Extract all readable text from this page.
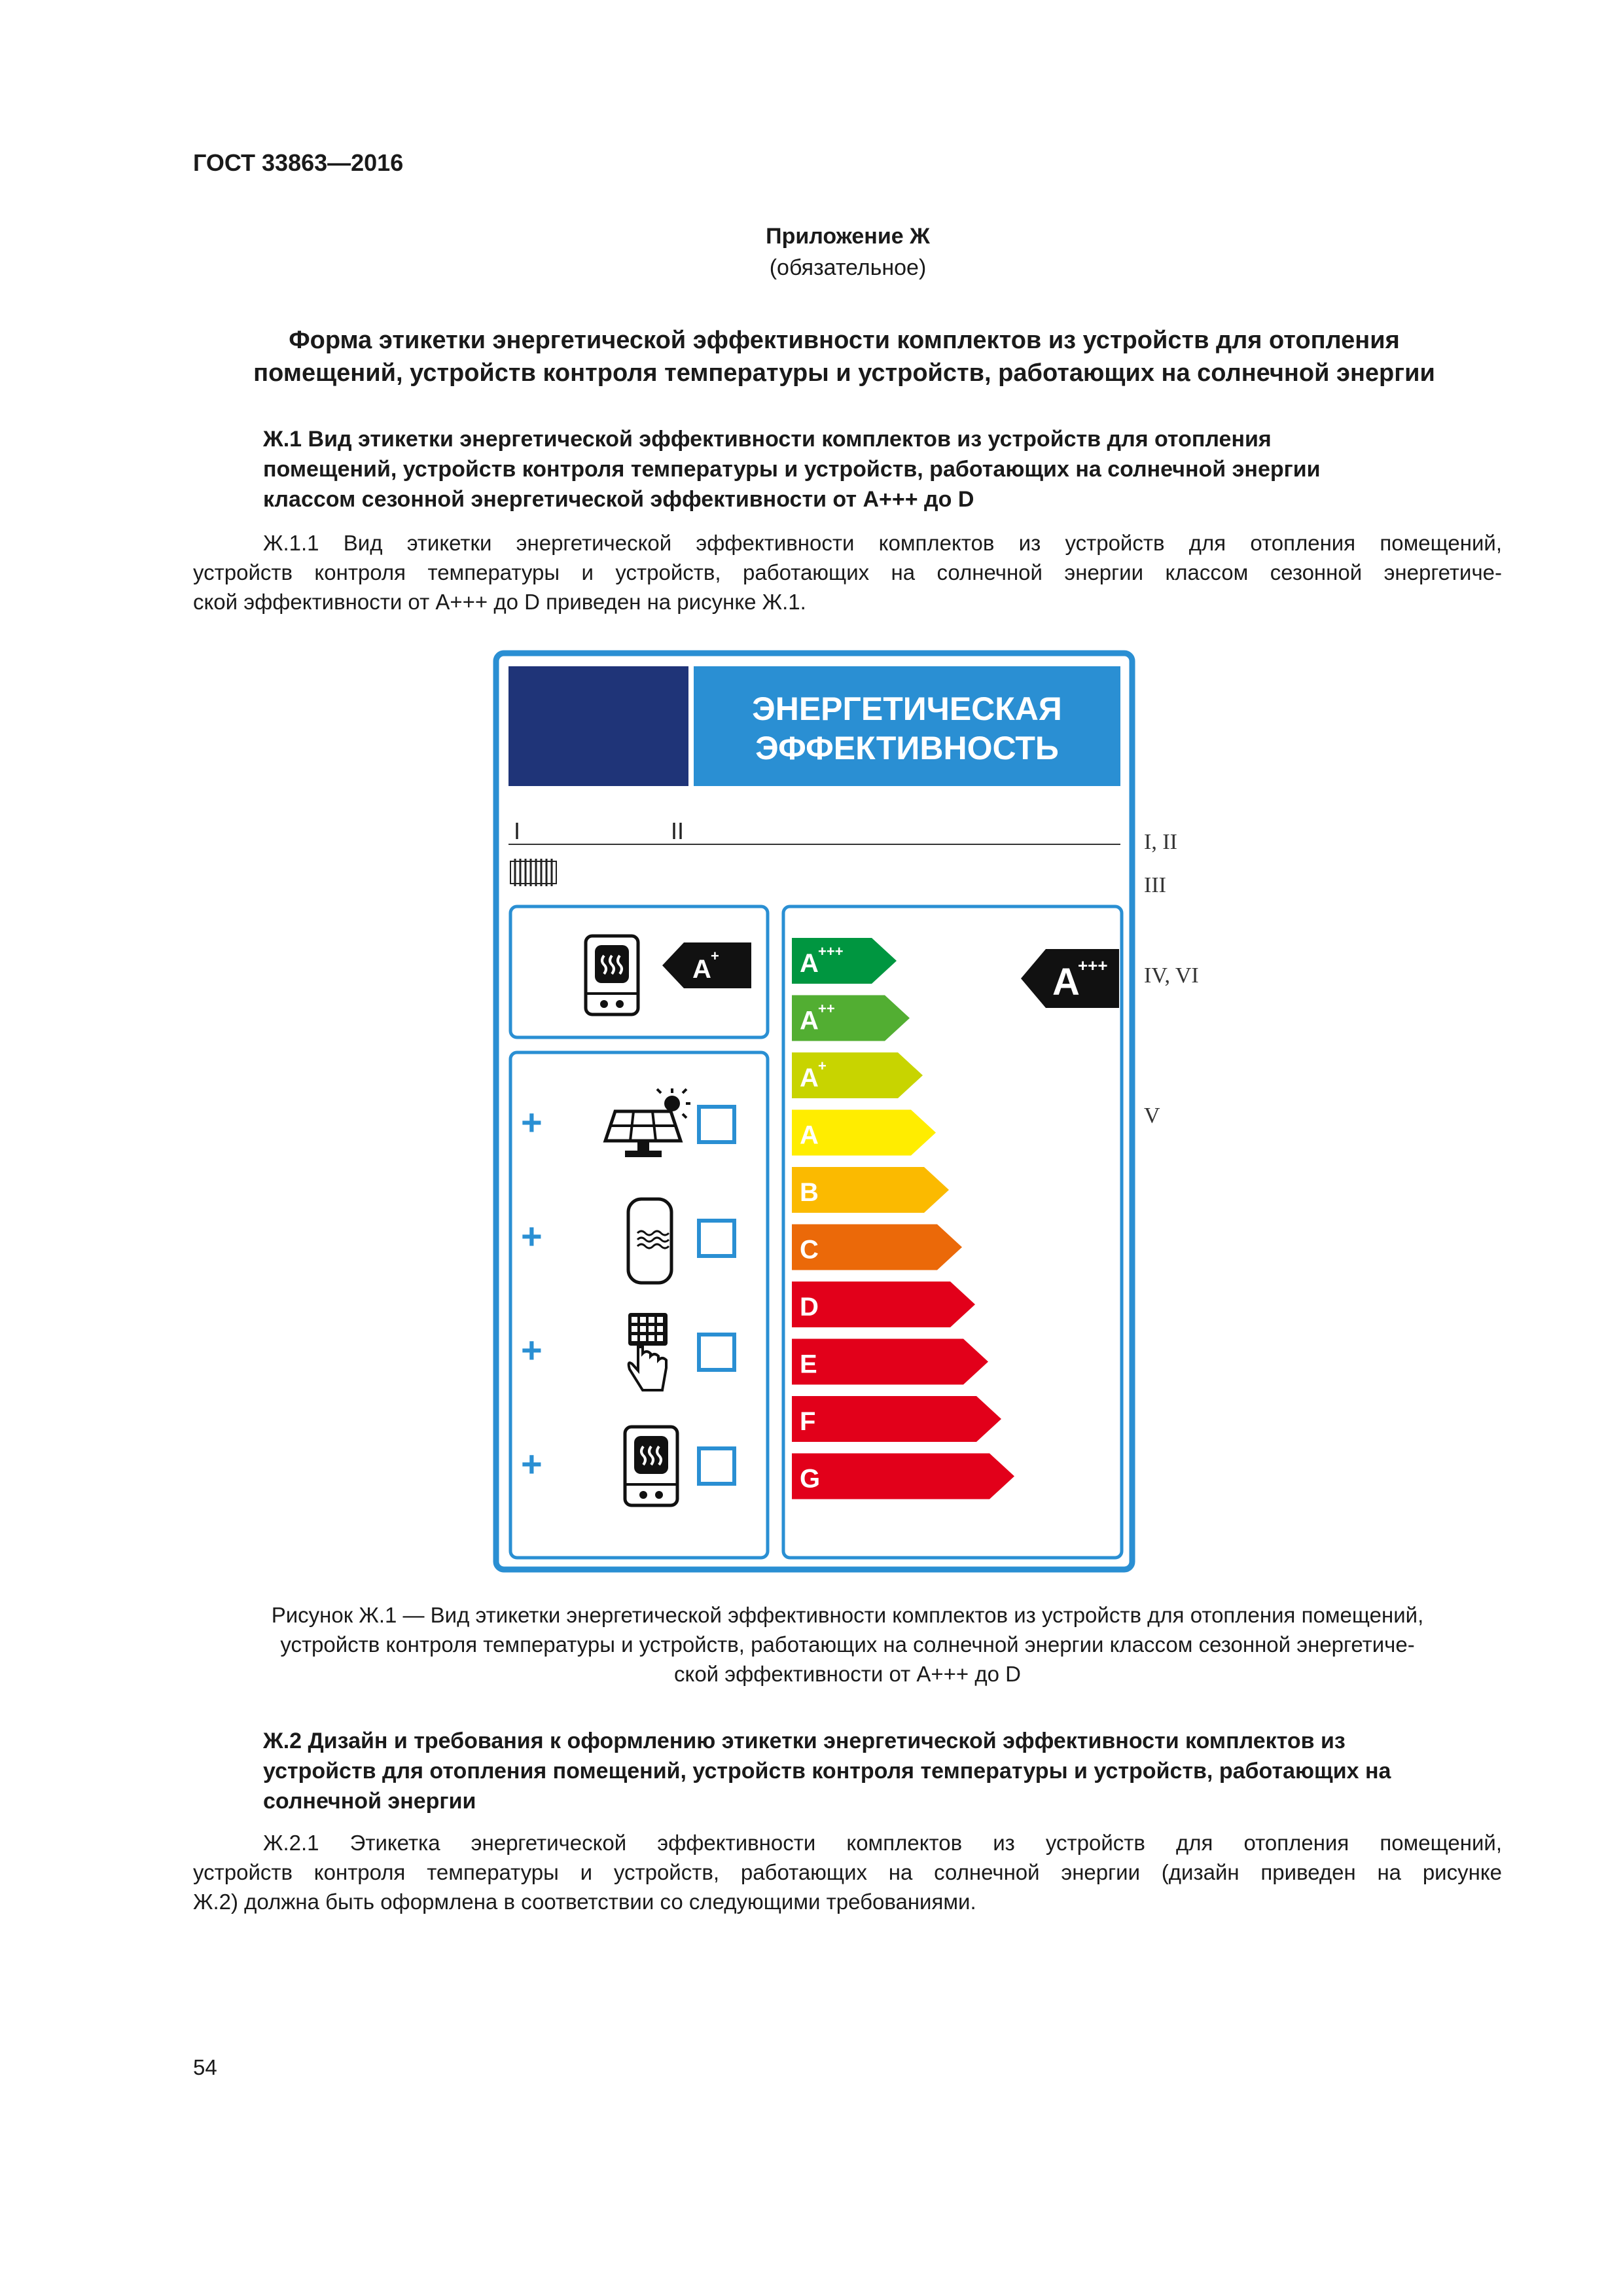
ГОСТ 33863—2016
Приложение Ж
(обязательное)
Форма этикетки энергетической эффективности комплектов из устройств для отопления
помещений, устройств контроля температуры и устройств, работающих на солнечной энергии
Ж.1 Вид этикетки энергетической эффективности комплектов из устройств для отопления
помещений, устройств контроля температуры и устройств, работающих на солнечной энергии
классом сезонной энергетической эффективности от А+++ до D
Ж.1.1 Вид этикетки энергетической эффективности комплектов из устройств для отопления помещений,
устройств контроля температуры и устройств, работающих на солнечной энергии классом сезонной энергетиче-
ской эффективности от А+++ до D приведен на рисунке Ж.1.
ЭНЕРГЕТИЧЕСКАЯ
ЭФФЕКТИВНОСТЬ
I	II
A +
+
+
+
+
A +++
A ++
A +
A
B
C
D
E
F
G
A
+++
I, II
III
IV, VI
V
Рисунок Ж.1 — Вид этикетки энергетической эффективности комплектов из устройств для отопления помещений,
устройств контроля температуры и устройств, работающих на солнечной энергии классом сезонной энергетиче-
ской эффективности от А+++ до D
Ж.2 Дизайн и требования к оформлению этикетки энергетической эффективности комплектов из
устройств для отопления помещений, устройств контроля температуры и устройств, работающих на
солнечной энергии
Ж.2.1 Этикетка энергетической эффективности комплектов из устройств для отопления помещений,
устройств контроля температуры и устройств, работающих на солнечной энергии (дизайн приведен на рисунке
Ж.2) должна быть оформлена в соответствии со следующими требованиями.
54
